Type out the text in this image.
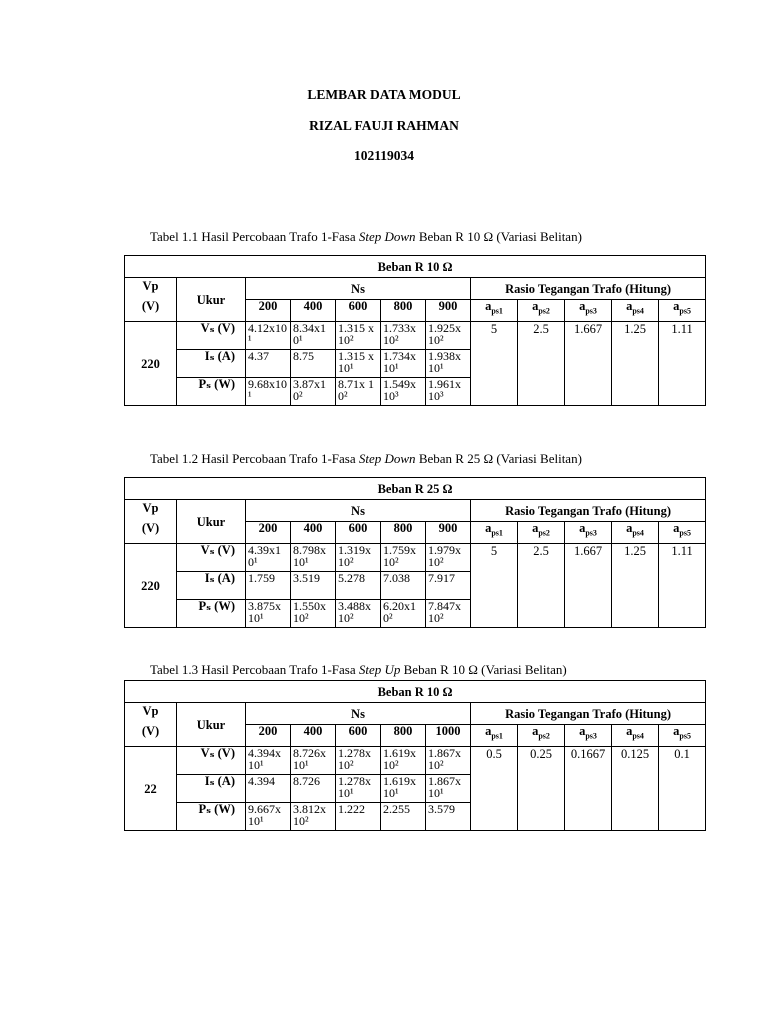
LEMBAR DATA MODUL
RIZAL FAUJI RAHMAN
102119034
Tabel 1.1 Hasil Percobaan Trafo 1-Fasa Step Down Beban R 10 Ω (Variasi Belitan)
Beban R 10 Ω											

Vp
(V)	Ukur	Ns					Rasio Tegangan Trafo (Hitung)				
		200	400	600	800	900	$a_{ps1}$	$a_{ps2}$	$a_{ps3}$	$a_{ps4}$	$a_{ps5}$
220	Vₛ (V)	4.12x10¹	8.34x1 0¹	1.315 x10²	1.733x 10²	1.925x 10²	5	2.5	1.667	1.25	1.11
	Iₛ (A)	4.37	8.75	1.315 x10¹	1.734x 10¹	1.938x 10¹					
	Pₛ (W)	9.68x10¹	3.87x1 0²	8.71x 10²	1.549x 10³	1.961x 10³					
Tabel 1.2 Hasil Percobaan Trafo 1-Fasa Step Down Beban R 25 Ω (Variasi Belitan)
Beban R 25 Ω											

Vp
(V)	Ukur	Ns					Rasio Tegangan Trafo (Hitung)				
		200	400	600	800	900	$a_{ps1}$	$a_{ps2}$	$a_{ps3}$	$a_{ps4}$	$a_{ps5}$
220	Vₛ (V)	4.39x1 0¹	8.798x 10¹	1.319x 10²	1.759x 10²	1.979x 10²	5	2.5	1.667	1.25	1.11
	Iₛ (A)	1.759	3.519	5.278	7.038	7.917					
	Pₛ (W)	3.875x 10¹	1.550x 10²	3.488x 10²	6.20x1 0²	7.847x 10²					
Tabel 1.3 Hasil Percobaan Trafo 1-Fasa Step Up Beban R 10 Ω (Variasi Belitan)
Beban R 10 Ω											

Vp
(V)	Ukur	Ns					Rasio Tegangan Trafo (Hitung)				
		200	400	600	800	1000	$a_{ps1}$	$a_{ps2}$	$a_{ps3}$	$a_{ps4}$	$a_{ps5}$
22	Vₛ (V)	4.394x 10¹	8.726x 10¹	1.278x 10²	1.619x 10²	1.867x 10²	0.5	0.25	0.1667	0.125	0.1
	Iₛ (A)	4.394	8.726	1.278x 10¹	1.619x 10¹	1.867x 10¹					
	Pₛ (W)	9.667x 10¹	3.812x 10²	1.222	2.255	3.579					
